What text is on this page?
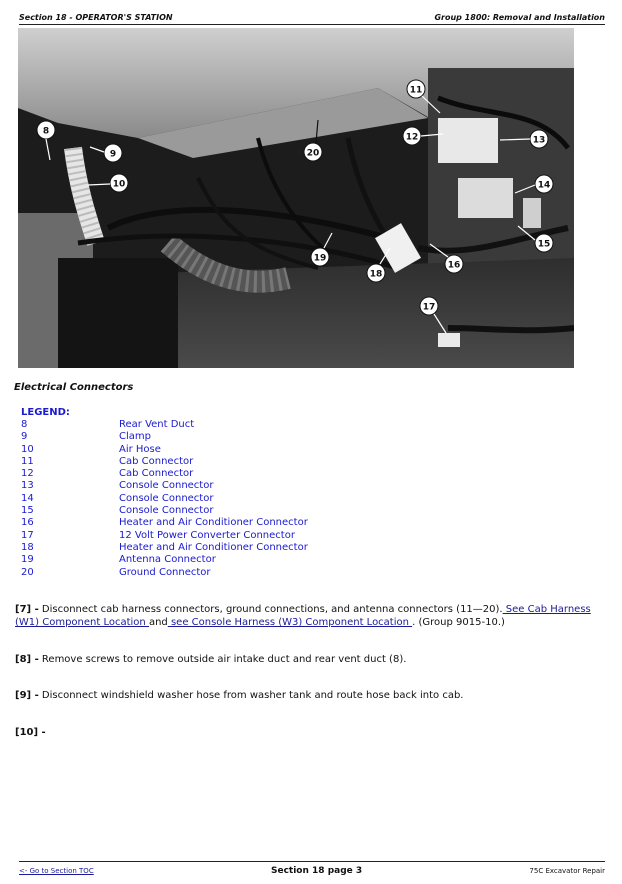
Section 18 - OPERATOR'S STATION	Group 1800: Removal and Installation
8
9
10
11
12	13
14
15
16
17
18
19
20
Electrical Connectors
LEGEND:
8	Rear Vent Duct
9	Clamp
10	Air Hose
11	Cab Connector
12	Cab Connector
13	Console Connector
14	Console Connector
15	Console Connector
16	Heater and Air Conditioner Connector
17	12 Volt Power Converter Connector
18	Heater and Air Conditioner Connector
19	Antenna Connector
20	Ground Connector
[7] - Disconnect cab harness connectors, ground connections, and antenna connectors (11—20). See Cab Harness (W1) Component Location and see Console Harness (W3) Component Location . (Group 9015-10.)
[8] - Remove screws to remove outside air intake duct and rear vent duct (8).
[9] - Disconnect windshield washer hose from washer tank and route hose back into cab.
[10] -
<- Go to Section TOC	Section 18 page 3	75C Excavator Repair
